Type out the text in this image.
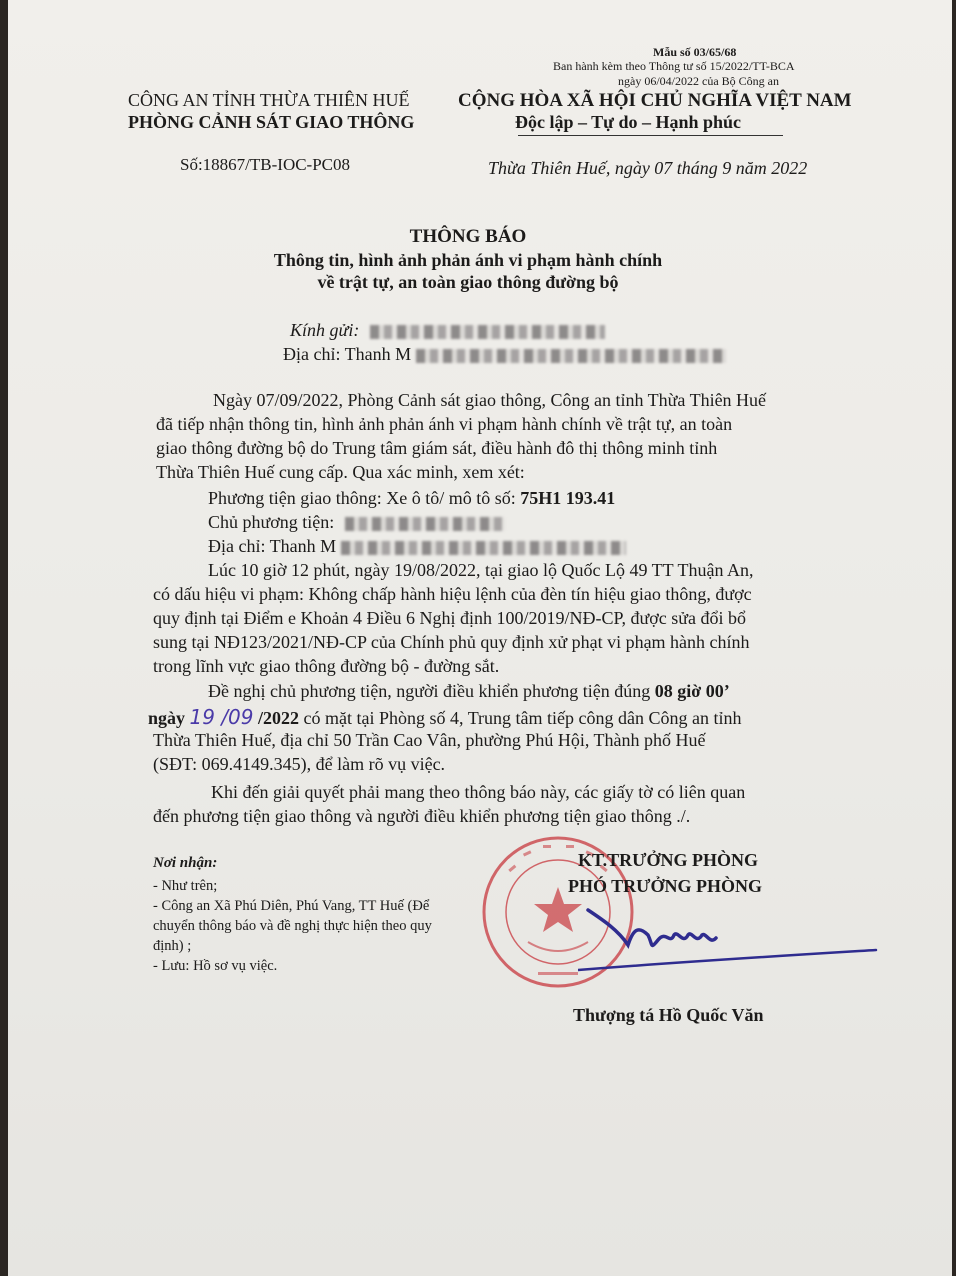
Mẫu số 03/65/68
Ban hành kèm theo Thông tư số 15/2022/TT-BCA
ngày 06/04/2022 của Bộ Công an
CÔNG AN TỈNH THỪA THIÊN HUẾ
PHÒNG CẢNH SÁT GIAO THÔNG
CỘNG HÒA XÃ HỘI CHỦ NGHĨA VIỆT NAM
Độc lập – Tự do – Hạnh phúc
Số:18867/TB-IOC-PC08	Thừa Thiên Huế, ngày 07 tháng 9 năm 2022
THÔNG BÁO
Thông tin, hình ảnh phản ánh vi phạm hành chính
về trật tự, an toàn giao thông đường bộ
Kính gửi:
Địa chỉ: Thanh M
Ngày 07/09/2022, Phòng Cảnh sát giao thông, Công an tỉnh Thừa Thiên Huế
đã tiếp nhận thông tin, hình ảnh phản ánh vi phạm hành chính về trật tự, an toàn
giao thông đường bộ do Trung tâm giám sát, điều hành đô thị thông minh tỉnh
Thừa Thiên Huế cung cấp. Qua xác minh, xem xét:
Phương tiện giao thông: Xe ô tô/ mô tô số: 75H1 193.41
Chủ phương tiện:
Địa chỉ: Thanh M
Lúc 10 giờ 12 phút, ngày 19/08/2022, tại giao lộ Quốc Lộ 49 TT Thuận An,
có dấu hiệu vi phạm: Không chấp hành hiệu lệnh của đèn tín hiệu giao thông, được
quy định tại Điểm e Khoản 4 Điều 6 Nghị định 100/2019/NĐ-CP, được sửa đổi bổ
sung tại NĐ123/2021/NĐ-CP của Chính phủ quy định xử phạt vi phạm hành chính
trong lĩnh vực giao thông đường bộ - đường sắt.
Đề nghị chủ phương tiện, người điều khiển phương tiện đúng 08 giờ 00’
ngày 19 /09 /2022 có mặt tại Phòng số 4, Trung tâm tiếp công dân Công an tỉnh
Thừa Thiên Huế, địa chỉ 50 Trần Cao Vân, phường Phú Hội, Thành phố Huế
(SĐT: 069.4149.345), để làm rõ vụ việc.
Khi đến giải quyết phải mang theo thông báo này, các giấy tờ có liên quan
đến phương tiện giao thông và người điều khiển phương tiện giao thông ./.
Nơi nhận:
- Như trên;
- Công an Xã Phú Diên, Phú Vang, TT Huế (Để
chuyển thông báo và đề nghị thực hiện theo quy
định) ;
- Lưu: Hồ sơ vụ việc.
KT.TRƯỞNG PHÒNG
PHÓ TRƯỞNG PHÒNG
Thượng tá Hồ Quốc Văn
